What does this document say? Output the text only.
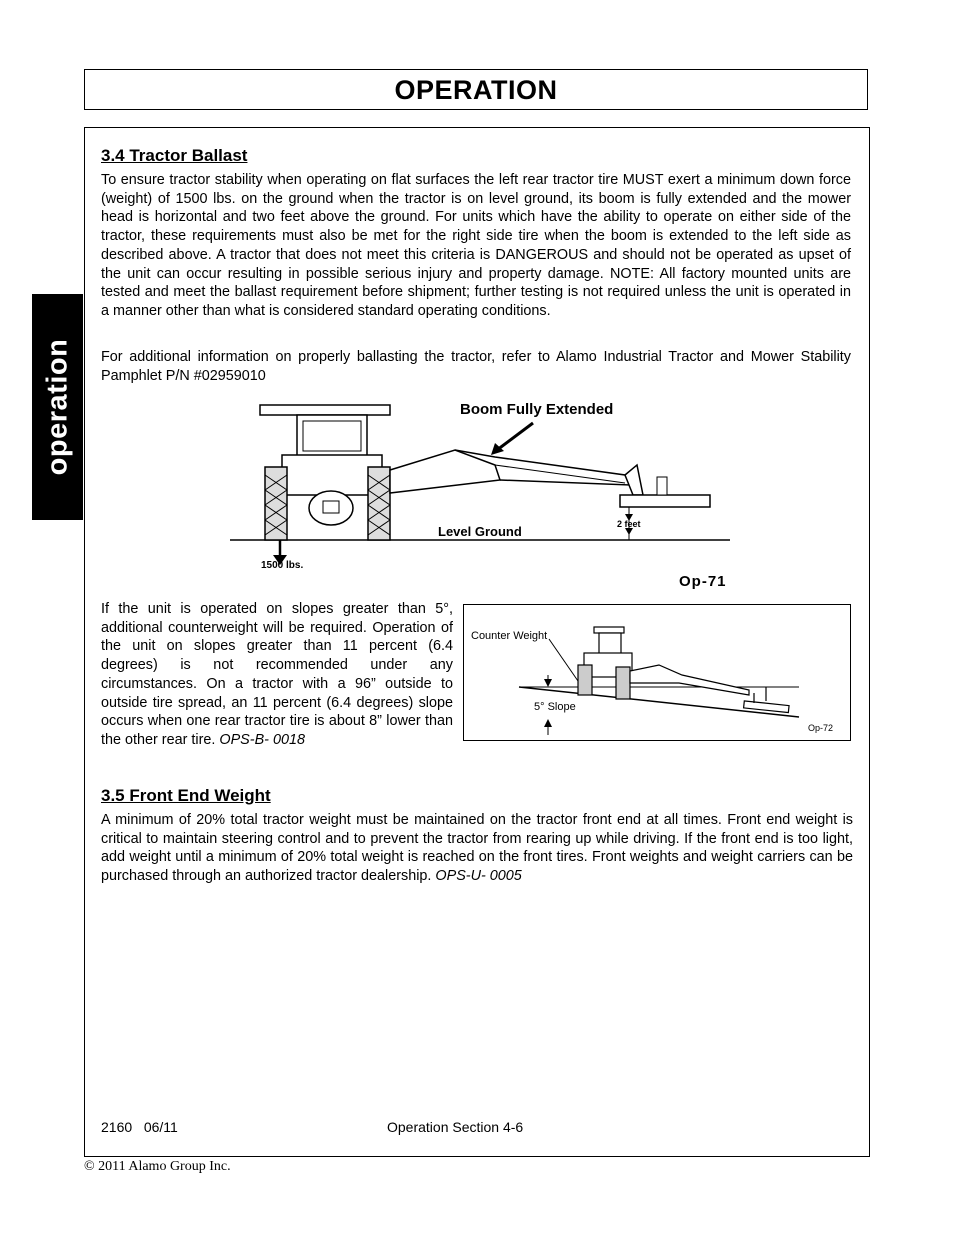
OPERATION
operation
3.4 Tractor Ballast
To ensure tractor stability when operating on flat surfaces the left rear tractor tire MUST exert a minimum down force (weight) of 1500 lbs. on the ground when the tractor is on level ground, its boom is fully extended and the mower head is horizontal and two feet above the ground. For units which have the ability to operate on either side of the tractor, these requirements must also be met for the right side tire when the boom is extended to the left side as described above. A tractor that does not meet this criteria is DANGEROUS and should not be operated as upset of the unit can occur resulting in possible serious injury and property damage. NOTE: All factory mounted units are tested and meet the ballast requirement before shipment; further testing is not required unless the unit is operated in a manner other than what is considered standard operating conditions.
For additional information on properly ballasting the tractor, refer to Alamo Industrial Tractor and Mower Stability Pamphlet P/N #02959010
Boom Fully Extended
Level Ground	2 feet
1500 lbs.
Op-71
If the unit is operated on slopes greater than 5°, additional counterweight will be required. Operation of the unit on slopes greater than 11 percent (6.4 degrees) is not recommended under any circumstances. On a tractor with a 96” outside to outside tire spread, an 11 percent (6.4 degrees) slope occurs when one rear tractor tire is about 8” lower than the other rear tire. OPS-B- 0018
Counter Weight
5° Slope
Op-72
3.5 Front End Weight
A minimum of 20% total tractor weight must be maintained on the tractor front end at all times. Front end weight is critical to maintain steering control and to prevent the tractor from rearing up while driving. If the front end is too light, add weight until a minimum of 20% total weight is reached on the front tires. Front weights and weight carriers can be purchased through an authorized tractor dealership. OPS-U- 0005
2160   06/11	Operation Section 4-6
© 2011 Alamo Group Inc.
